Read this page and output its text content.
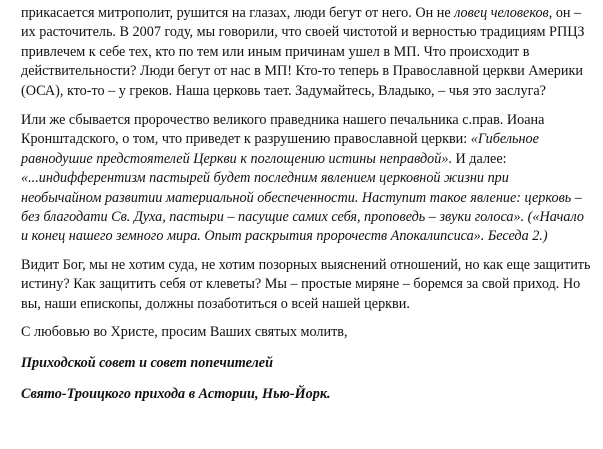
прикасается митрополит, рушится на глазах, люди бегут от него. Он не ловец человеков, он – их расточитель. В 2007 году, мы говорили, что своей чистотой и верностью традициям РПЦЗ привлечем к себе тех, кто по тем или иным причинам ушел в МП. Что происходит в действительности? Люди бегут от нас в МП! Кто-то теперь в Православной церкви Америки (ОСА), кто-то – у греков. Наша церковь тает. Задумайтесь, Владыко, – чья это заслуга?

Или же сбывается пророчество великого праведника нашего печальника с.прав. Иоана Кронштадского, о том, что приведет к разрушению православной церкви: «Гибельное равнодушие предстоятелей Церкви к поглощению истины неправдой». И далее: «...индифферентизм пастырей будет последним явлением церковной жизни при необычайном развитии материальной обеспеченности. Наступит такое явление: церковь – без благодати Св. Духа, пастыри – пасущие самих себя, проповедь – звуки голоса». («Начало и конец нашего земного мира. Опыт раскрытия пророчеств Апокалипсиса». Беседа 2.)

Видит Бог, мы не хотим суда, не хотим позорных выяснений отношений, но как еще защитить истину? Как защитить себя от клеветы? Мы – простые миряне – боремся за свой приход. Но вы, наши епископы, должны позаботиться о всей нашей церкви.

С любовью во Христе, просим Ваших святых молитв,

Приходской совет и совет попечителей

Свято-Троицкого прихода в Астории, Нью-Йорк.
